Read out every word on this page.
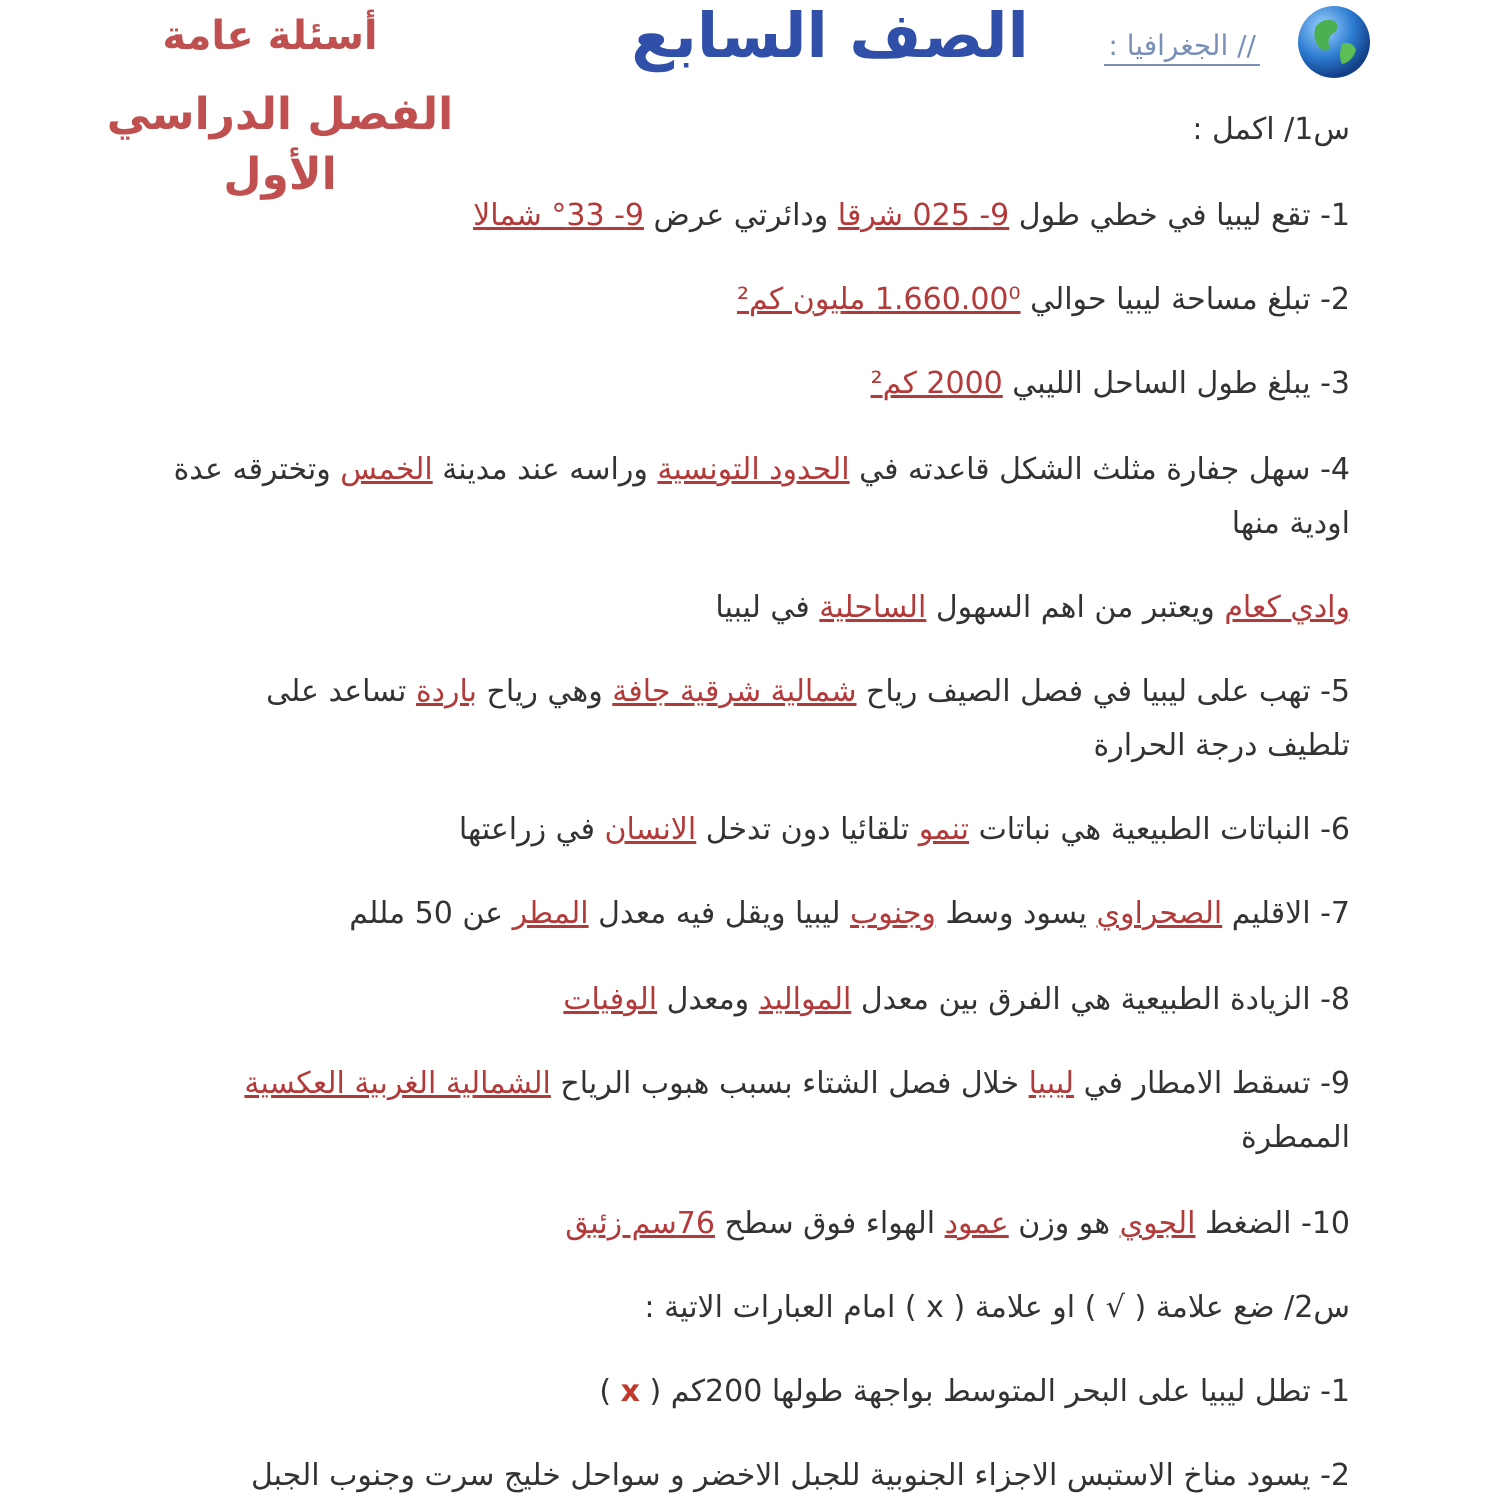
// الجغرافيا :
الصف السابع
أسئلة عامة
الفصل الدراسي الأول
س1/ اكمل :
1- تقع ليبيا في خطي طول 9- 025 شرقا ودائرتي عرض 9- 33° شمالا
2- تبلغ مساحة ليبيا حوالي 1.660.00⁰ مليون كم²
3- يبلغ طول الساحل الليبي 2000 كم²
4- سهل جفارة مثلث الشكل قاعدته في الحدود التونسية وراسه عند مدينة الخمس وتخترقه عدة
اودية منها
وادي كعام ويعتبر من اهم السهول الساحلية في ليبيا
5- تهب على ليبيا في فصل الصيف رياح شمالية شرقية جافة وهي رياح باردة تساعد على
تلطيف درجة الحرارة
6- النباتات الطبيعية هي نباتات تنمو تلقائيا دون تدخل الانسان في زراعتها
7- الاقليم الصحراوي يسود وسط وجنوب ليبيا ويقل فيه معدل المطر عن 50 مللم
8- الزيادة الطبيعية هي الفرق بين معدل المواليد ومعدل الوفيات
9- تسقط الامطار في ليبيا خلال فصل الشتاء بسبب هبوب الرياح الشمالية الغربية العكسية
الممطرة
10- الضغط الجوي هو وزن عمود الهواء فوق سطح 76سم زئبق
س2/ ضع علامة ( √ ) او علامة ( x ) امام العبارات الاتية :
1- تطل ليبيا على البحر المتوسط بواجهة طولها 200كم ( x )
2- يسود مناخ الاستبس الاجزاء الجنوبية للجبل الاخضر و سواحل خليج سرت وجنوب الجبل
